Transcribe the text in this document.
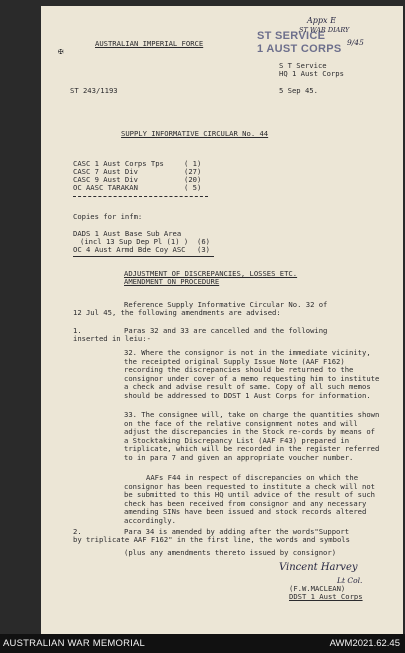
AUSTRALIAN IMPERIAL FORCE
ST SERVICE
1 AUST CORPS
Appx E
ST WAR DIARY
9/45
✠
S T Service
HQ 1 Aust Corps
ST 243/1193	5 Sep 45.
SUPPLY INFORMATIVE CIRCULAR No. 44
CASC 1 Aust Corps Tps	( 1)
CASC 7 Aust Div	(27)
CASC 9 Aust Div	(20)
OC AASC TARAKAN	( 5)
Copies for infm:
DADS 1 Aust Base Sub Area
(incl 13 Sup Dep Pl (1) ) (6)
OC 4 Aust Armd Bde Coy ASC (3)
ADJUSTMENT OF DISCREPANCIES, LOSSES ETC.
AMENDMENT ON PROCEDURE
Reference Supply Informative Circular No. 32 of
12 Jul 45, the following amendments are advised:
1.	Paras 32 and 33 are cancelled and the following
inserted in leiu:-
32. Where the consignor is not in the immediate vicinity, the receipted original Supply Issue Note (AAF F162) recording the discrepancies should be returned to the consignor under cover of a memo requesting him to institute a check and advise result of same. Copy of all such memos should be addressed to DDST 1 Aust Corps for information.
33. The consignee will, take on charge the quantities shown on the face of the relative consignment notes and will adjust the discrepancies in the Stock re-cords by means of a Stocktaking Discrepancy List (AAF F43) prepared in triplicate, which will be recorded in the register referred to in para 7 and given an appropriate voucher number.
AAFs F44 in respect of discrepancies on which the consignor has been requested to institute a check will not be submitted to this HQ until advice of the result of such check has been received from consignor and any necessary amending SINs have been issued and stock records altered accordingly.
2.	Para 34 is amended by adding after the words"Support
by triplicate AAF F162" in the first line, the words and symbols
(plus any amendments thereto issued by consignor)
Vincent Harvey
Lt Col.
(F.W.MACLEAN)
DDST 1 Aust Corps
AUSTRALIAN WAR MEMORIAL	AWM2021.62.45
